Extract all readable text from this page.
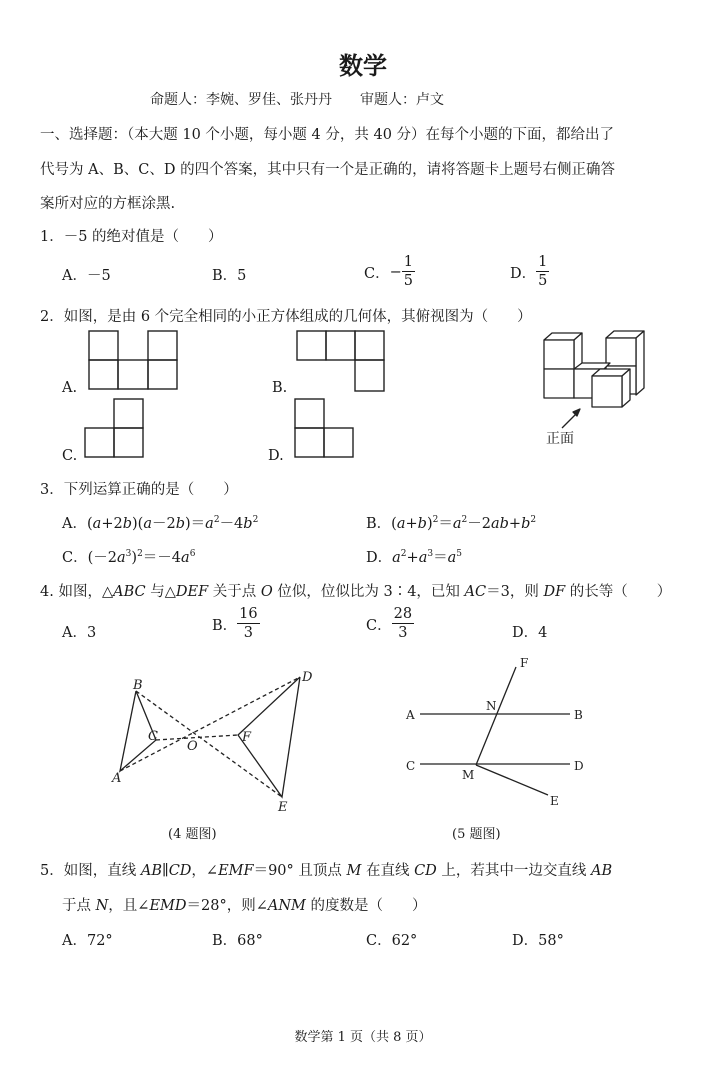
数学
命题人：李婉、罗佳、张丹丹　　审题人：卢文
一、选择题：（本大题 10 个小题，每小题 4 分，共 40 分）在每个小题的下面，都给出了
代号为 A、B、C、D 的四个答案，其中只有一个是正确的，请将答题卡上题号右侧正确答
案所对应的方框涂黑.
1．－5 的绝对值是（　　）
A．－5	B．5	C．− $\frac{1}{5}$	D． $\frac{1}{5}$
2．如图，是由 6 个完全相同的小正方体组成的几何体，其俯视图为（　　）
A.	B.
C.	D.
正面
3．下列运算正确的是（　　）
A．$(a+2b)(a-2b)=a^2-4b^2$	B．$(a+b)^2=a^2-2ab+b^2$
C．$(-2a^3)^2=-4a^6$	D．$a^2+a^3=a^5$
4. 如图，△ABC 与△DEF 关于点 O 位似，位似比为 3∶4，已知 AC＝3，则 DF 的长等（　　）
A．3	B． $\frac{16}{3}$	C． $\frac{28}{3}$	D．4
B
C
A
O
F
D
E
(4 题图)
A	B
C	D
E
F
M
N
(5 题图)
5．如图，直线 AB∥CD，∠EMF＝90° 且顶点 M 在直线 CD 上，若其中一边交直线 AB
于点 N，且∠EMD＝28°，则∠ANM 的度数是（　　）
A．72°	B．68°	C．62°	D．58°
数学第 1 页（共 8 页）
